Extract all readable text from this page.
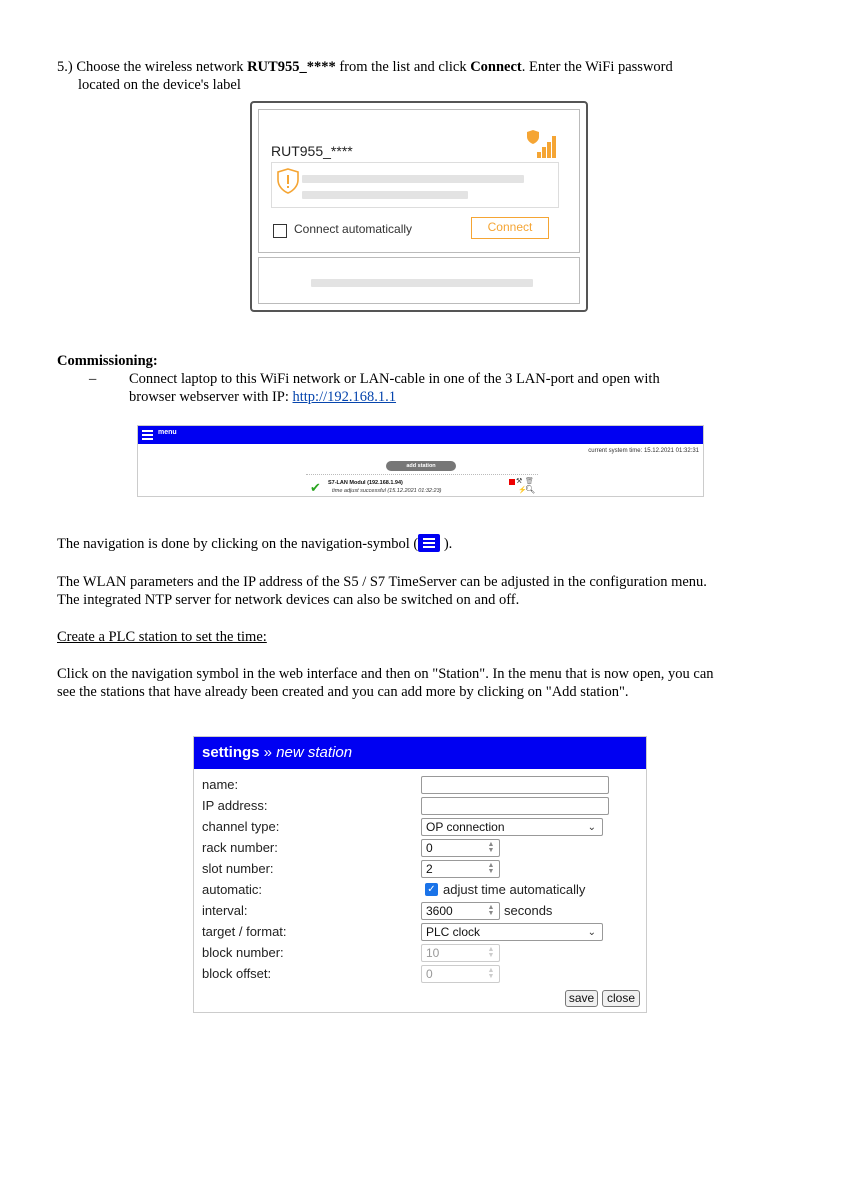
5.) Choose the wireless network RUT955_**** from the list and click Connect. Enter the WiFi password
located on the device's label
RUT955_****
Connect automatically	Connect
Commissioning:
– Connect laptop to this WiFi network or LAN-cable in one of the 3 LAN-port and open with
browser webserver with IP: http://192.168.1.1
menu
current system time: 15.12.2021 01:32:31
add station
✔ S7-LAN Modul (192.168.1.94)
time adjust successful (15.12.2021 01:32:23)
⚒ 🗑
⚡
🔍︎
The navigation is done by clicking on the navigation-symbol (
).
The WLAN parameters and the IP address of the S5 / S7 TimeServer can be adjusted in the configuration menu.
The integrated NTP server for network devices can also be switched on and off.
Create a PLC station to set the time:
Click on the navigation symbol in the web interface and then on "Station". In the menu that is now open, you can
see the stations that have already been created and you can add more by clicking on "Add station".
settings » new station
name:
IP address:
channel type:	OP connection	⌄
rack number:	0	▲
▼
slot number:	2	▲
▼
automatic:	✓ adjust time automatically
interval:	3600	▲
▼ seconds
target / format:	PLC clock	⌄
block number:	10	▲
▼
block offset:	0	▲
▼
save	close
